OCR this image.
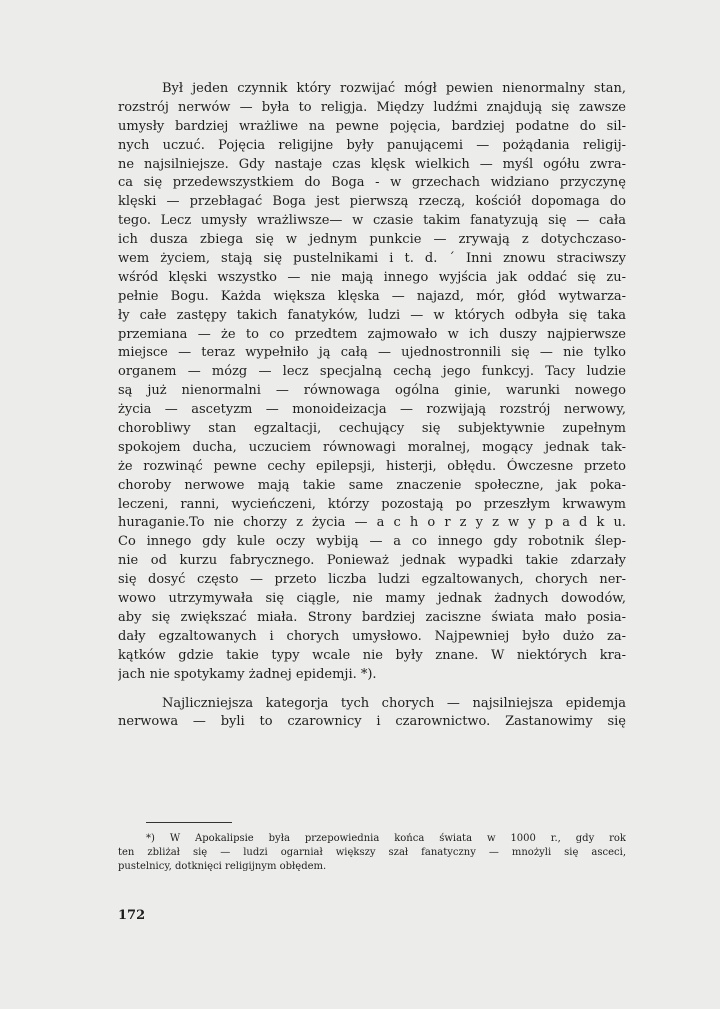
Był jeden czynnik który rozwijać mógł pewien nienormalny stan,
rozstrój nerwów — była to religja. Między ludźmi znajdują się zawsze
umysły bardziej wrażliwe na pewne pojęcia, bardziej podatne do sil-
nych uczuć. Pojęcia religijne były panującemi — pożądania religij-
ne najsilniejsze. Gdy nastaje czas klęsk wielkich — myśl ogółu zwra-
ca się przedewszystkiem do Boga - w grzechach widziano przyczynę
klęski — przebłagać Boga jest pierwszą rzeczą, kościół dopomaga do
tego. Lecz umysły wrażliwsze— w czasie takim fanatyzują się — cała
ich dusza zbiega się w jednym punkcie — zrywają z dotychczaso-
wem życiem, stają się pustelnikami i t. d. ´ Inni znowu straciwszy
wśród klęski wszystko — nie mają innego wyjścia jak oddać się zu-
pełnie Bogu. Każda większa klęska — najazd, mór, głód wytwarza-
ły całe zastępy takich fanatyków, ludzi — w których odbyła się taka
przemiana — że to co przedtem zajmowało w ich duszy najpierwsze
miejsce — teraz wypełniło ją całą — ujednostronnili się — nie tylko
organem — mózg — lecz specjalną cechą jego funkcyj. Tacy ludzie
są już nienormalni — równowaga ogólna ginie, warunki nowego
życia — ascetyzm — monoideizacja — rozwijają rozstrój nerwowy,
chorobliwy stan egzaltacji, cechujący się subjektywnie zupełnym
spokojem ducha, uczuciem równowagi moralnej, mogący jednak tak-
że rozwinąć pewne cechy epilepsji, histerji, obłędu. Ówczesne przeto
choroby nerwowe mają takie same znaczenie społeczne, jak poka-
leczeni, ranni, wycieńczeni, którzy pozostają po przeszłym krwawym
huraganie.To nie chorzy z życia — a c h o r z y z w y p a d k u.
Co innego gdy kule oczy wybiją — a co innego gdy robotnik ślep-
nie od kurzu fabrycznego. Ponieważ jednak wypadki takie zdarzały
się dosyć często — przeto liczba ludzi egzaltowanych, chorych ner-
wowo utrzymywała się ciągle, nie mamy jednak żadnych dowodów,
aby się zwiększać miała. Strony bardziej zaciszne świata mało posia-
dały egzaltowanych i chorych umysłowo. Najpewniej było dużo za-
kątków gdzie takie typy wcale nie były znane. W niektórych kra-
jach nie spotykamy żadnej epidemji. *).
Najliczniejsza kategorja tych chorych — najsilniejsza epidemja
nerwowa — byli to czarownicy i czarownictwo. Zastanowimy się
*) W Apokalipsie była przepowiednia końca świata w 1000 r., gdy rok
ten zbliżał się — ludzi ogarniał większy szał fanatyczny — mnożyli się asceci,
pustelnicy, dotknięci religijnym obłędem.
172
